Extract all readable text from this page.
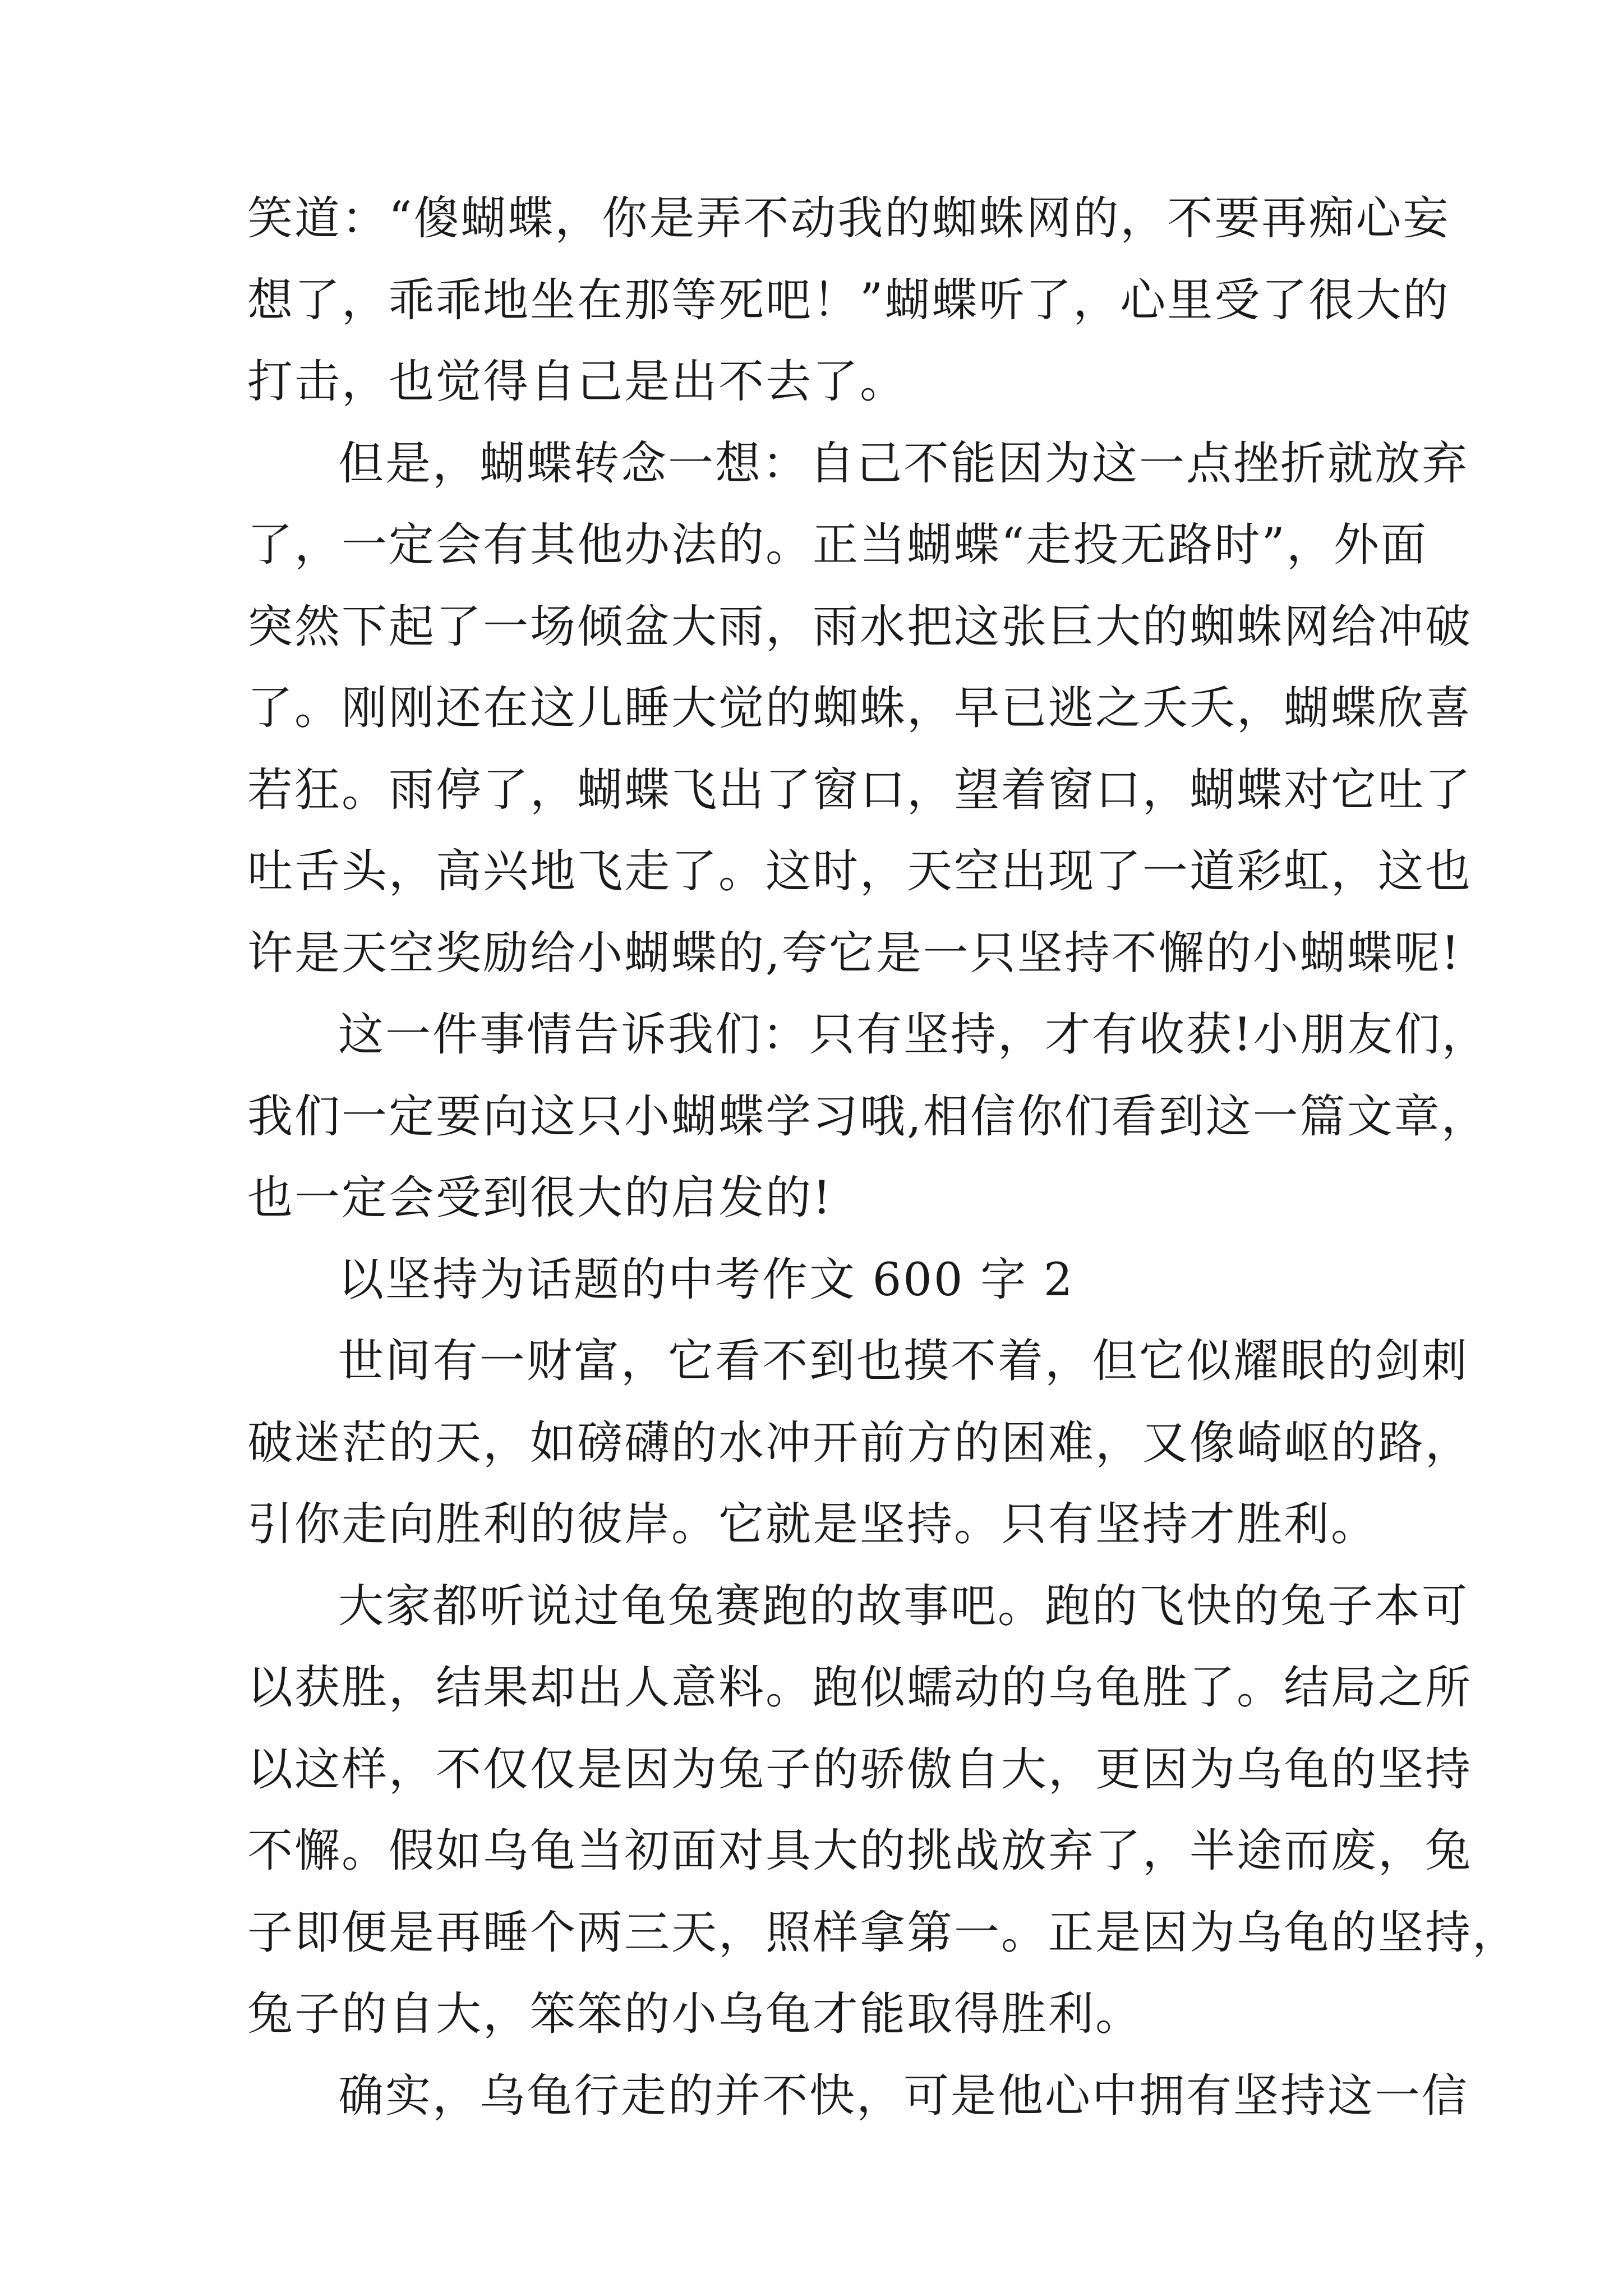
笑道：“傻蝴蝶，你是弄不动我的蜘蛛网的，不要再痴心妄
想了，乖乖地坐在那等死吧！”蝴蝶听了，心里受了很大的
打击，也觉得自己是出不去了。
但是，蝴蝶转念一想：自己不能因为这一点挫折就放弃
了，一定会有其他办法的。正当蝴蝶“走投无路时”，外面
突然下起了一场倾盆大雨，雨水把这张巨大的蜘蛛网给冲破
了。刚刚还在这儿睡大觉的蜘蛛，早已逃之夭夭，蝴蝶欣喜
若狂。雨停了，蝴蝶飞出了窗口，望着窗口，蝴蝶对它吐了
吐舌头，高兴地飞走了。这时，天空出现了一道彩虹，这也
许是天空奖励给小蝴蝶的,夸它是一只坚持不懈的小蝴蝶呢!
这一件事情告诉我们：只有坚持，才有收获!小朋友们，
我们一定要向这只小蝴蝶学习哦,相信你们看到这一篇文章，
也一定会受到很大的启发的!
以坚持为话题的中考作文 600 字 2
世间有一财富，它看不到也摸不着，但它似耀眼的剑刺
破迷茫的天，如磅礴的水冲开前方的困难，又像崎岖的路，
引你走向胜利的彼岸。它就是坚持。只有坚持才胜利。
大家都听说过龟兔赛跑的故事吧。跑的飞快的兔子本可
以获胜，结果却出人意料。跑似蠕动的乌龟胜了。结局之所
以这样，不仅仅是因为兔子的骄傲自大，更因为乌龟的坚持
不懈。假如乌龟当初面对具大的挑战放弃了，半途而废，兔
子即便是再睡个两三天，照样拿第一。正是因为乌龟的坚持，
兔子的自大，笨笨的小乌龟才能取得胜利。
确实，乌龟行走的并不快，可是他心中拥有坚持这一信
